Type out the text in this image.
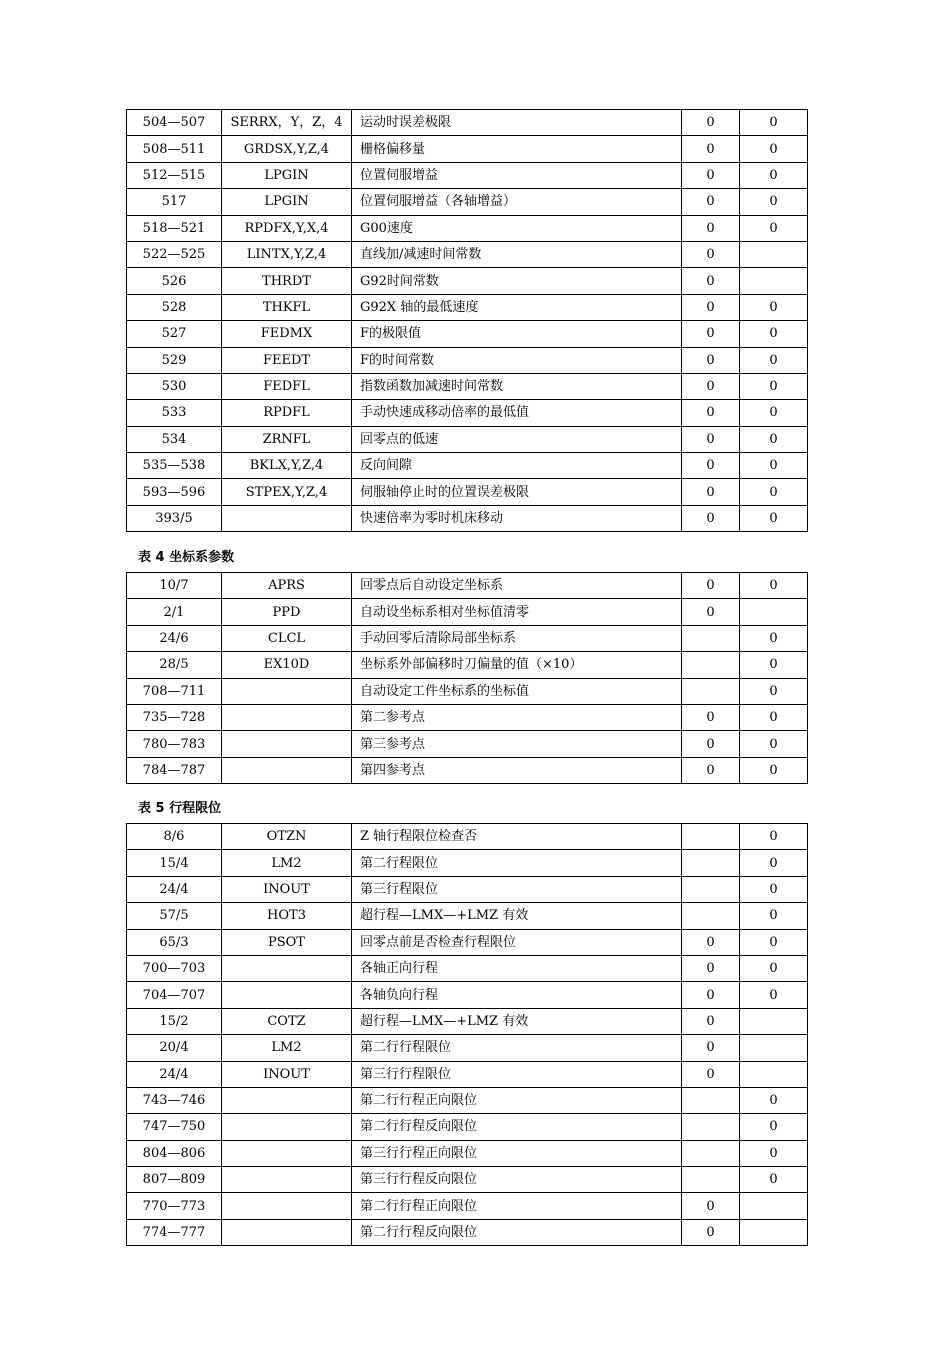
504—507	SERRX，Y，Z，4	运动时误差极限	0	0
508—511	GRDSX,Y,Z,4	栅格偏移量	0	0
512—515	LPGIN	位置伺服增益	0	0
517	LPGIN	位置伺服增益（各轴增益）	0	0
518—521	RPDFX,Y,X,4	G00速度	0	0
522—525	LINTX,Y,Z,4	直线加/减速时间常数	0	
526	THRDT	G92时间常数	0	
528	THKFL	G92X 轴的最低速度	0	0
527	FEDMX	F的极限值	0	0
529	FEEDT	F的时间常数	0	0
530	FEDFL	指数函数加减速时间常数	0	0
533	RPDFL	手动快速成移动倍率的最低值	0	0
534	ZRNFL	回零点的低速	0	0
535—538	BKLX,Y,Z,4	反向间隙	0	0
593—596	STPEX,Y,Z,4	伺服轴停止时的位置误差极限	0	0
393/5		快速倍率为零时机床移动	0	0
表 4 坐标系参数
10/7	APRS	回零点后自动设定坐标系	0	0
2/1	PPD	自动设坐标系相对坐标值清零	0	
24/6	CLCL	手动回零后清除局部坐标系		0
28/5	EX10D	坐标系外部偏移时刀偏量的值（×10）		0
708—711		自动设定工件坐标系的坐标值		0
735—728		第二参考点	0	0
780—783		第三参考点	0	0
784—787		第四参考点	0	0
表 5 行程限位
8/6	OTZN	Z 轴行程限位检查否		0
15/4	LM2	第二行程限位		0
24/4	INOUT	第三行程限位		0
57/5	HOT3	超行程—LMX—+LMZ 有效		0
65/3	PSOT	回零点前是否检查行程限位	0	0
700—703		各轴正向行程	0	0
704—707		各轴负向行程	0	0
15/2	COTZ	超行程—LMX—+LMZ 有效	0	
20/4	LM2	第二行行程限位	0	
24/4	INOUT	第三行行程限位	0	
743—746		第二行行程正向限位		0
747—750		第二行行程反向限位		0
804—806		第三行行程正向限位		0
807—809		第三行行程反向限位		0
770—773		第二行行程正向限位	0	
774—777		第二行行程反向限位	0	
